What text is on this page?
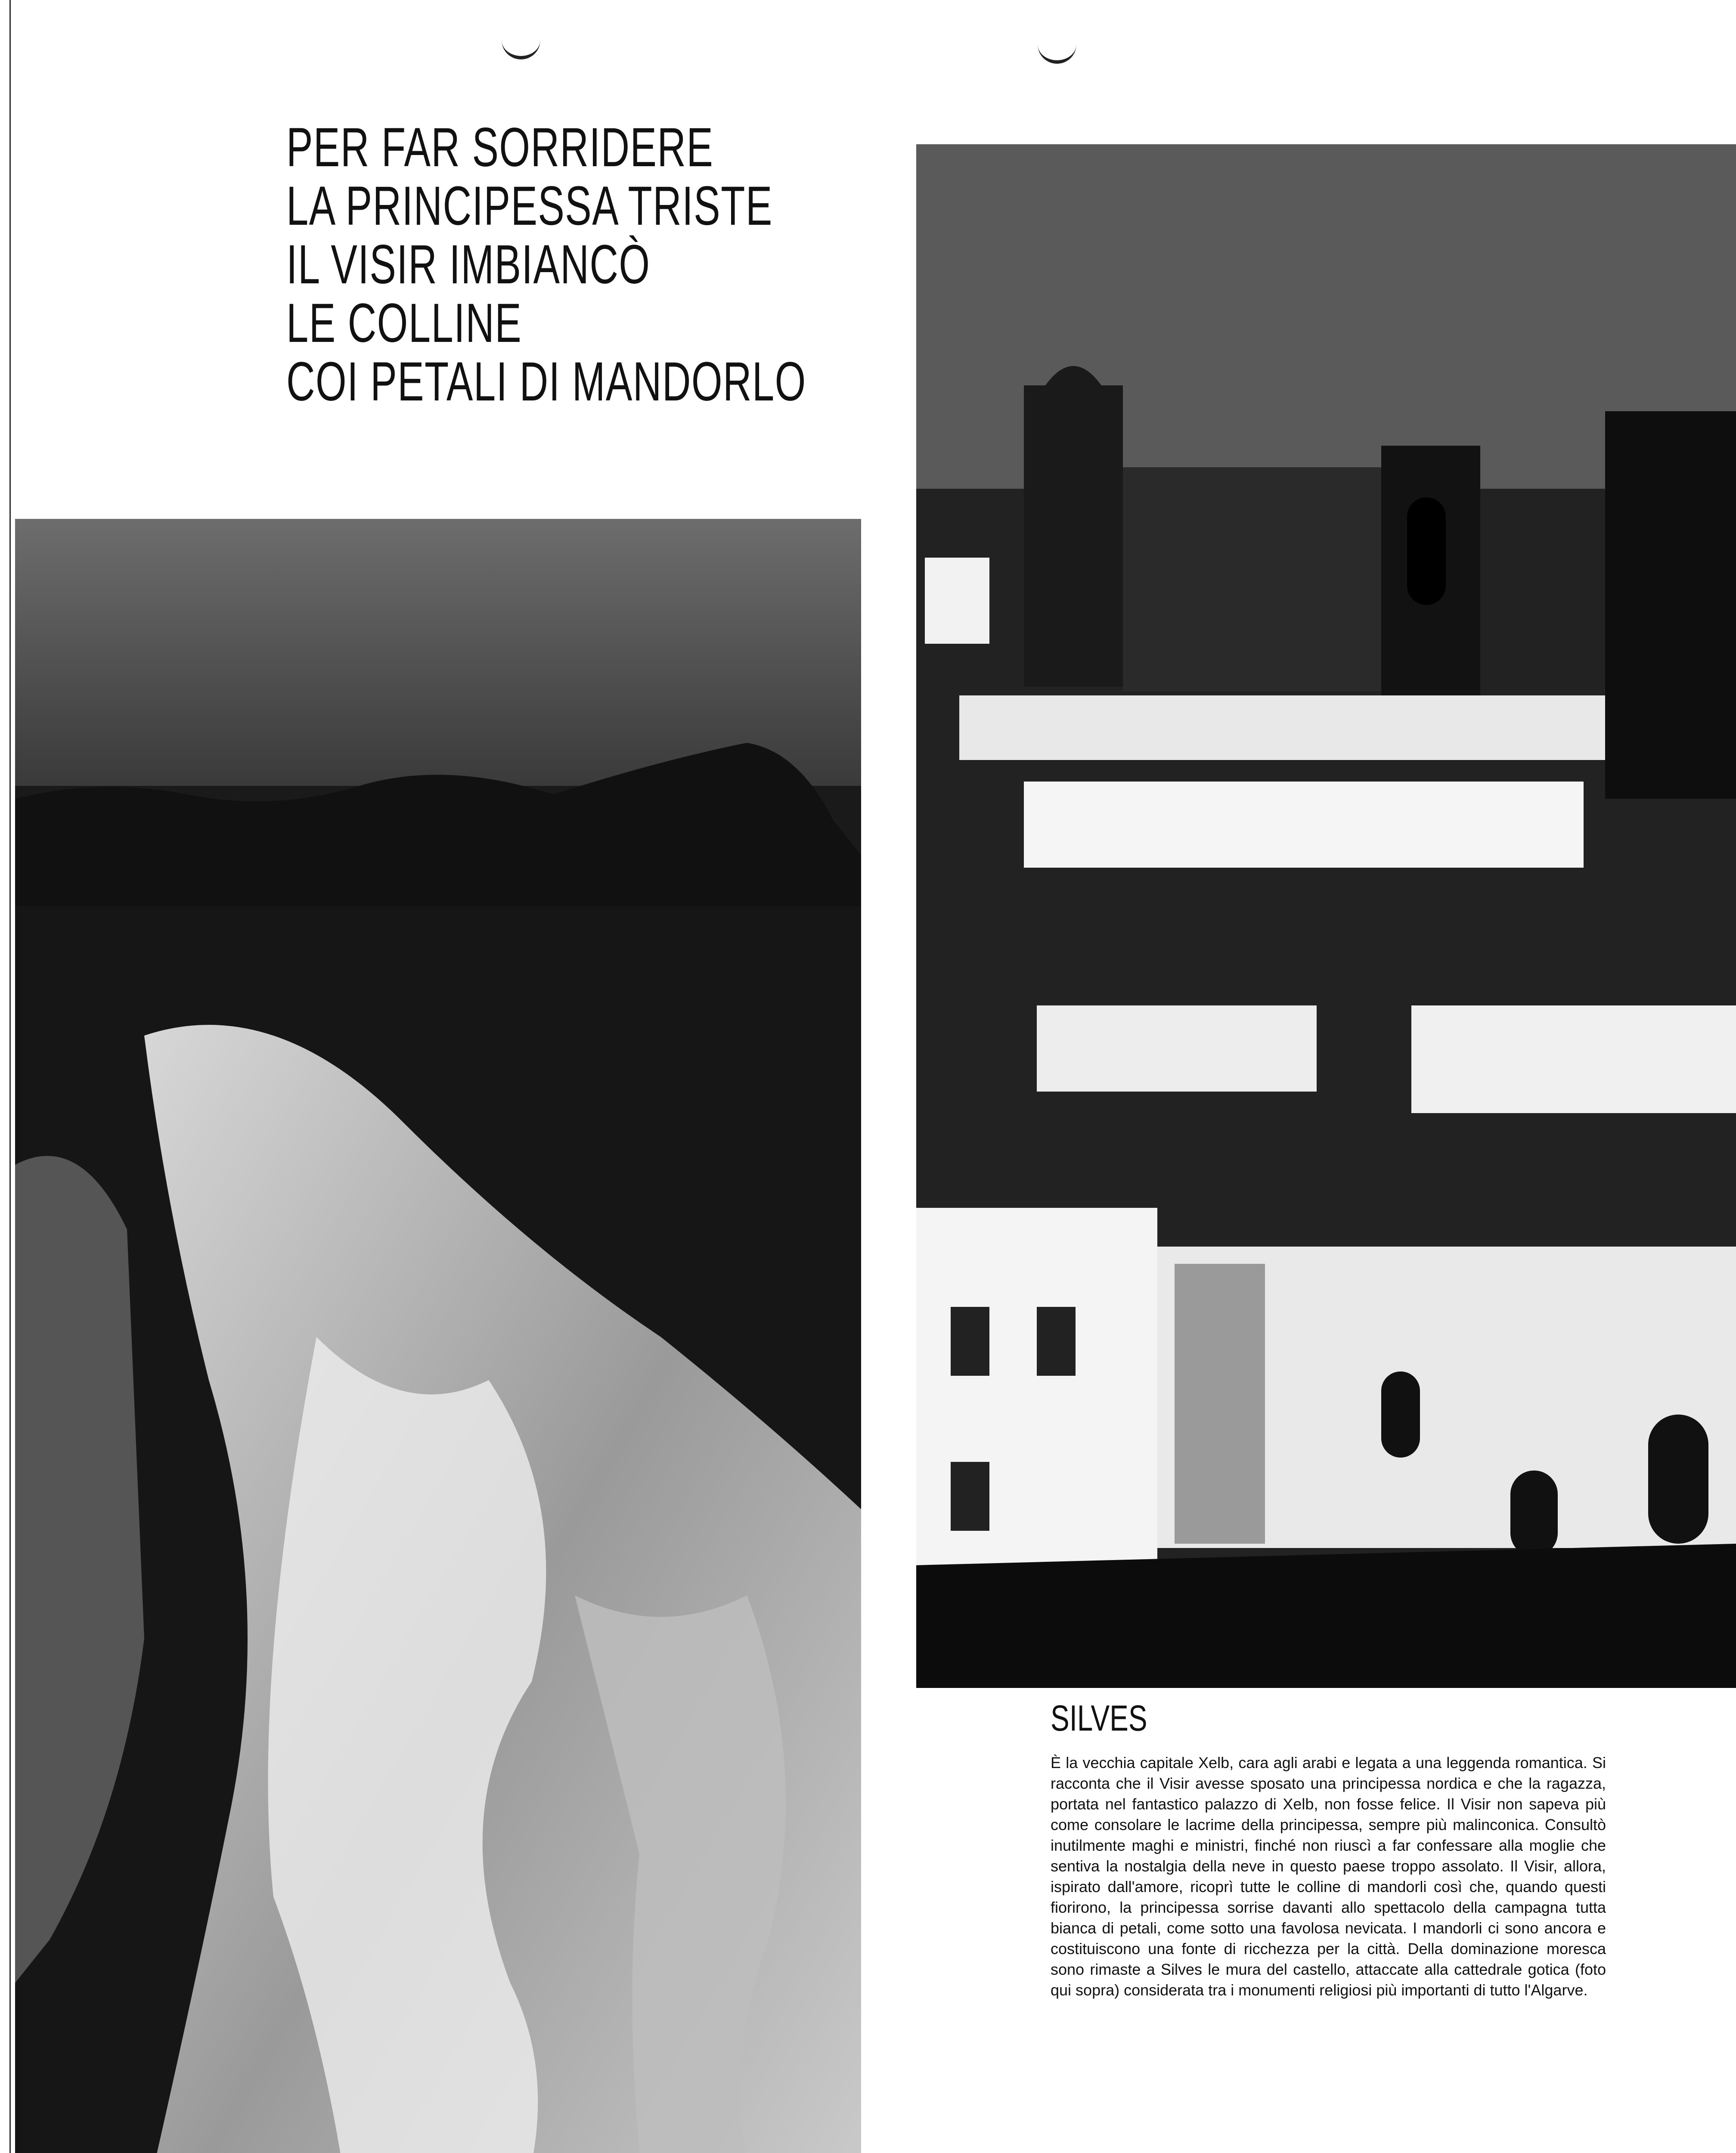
PER FAR SORRIDERE
LA PRINCIPESSA TRISTE
IL VISIR IMBIANCÒ
LE COLLINE
COI PETALI DI MANDORLO
SILVES

È la vecchia capitale Xelb, cara agli arabi e legata a una leggenda romantica. Si racconta che il Visir avesse sposato una principessa nordica e che la ragazza, portata nel fantastico palazzo di Xelb, non fosse felice. Il Visir non sapeva più come consolare le lacrime della principessa, sempre più malinconica. Consultò inutilmente maghi e ministri, finché non riuscì a far confessare alla moglie che sentiva la nostalgia della neve in questo paese troppo assolato. Il Visir, allora, ispirato dall'amore, ricoprì tutte le colline di mandorli così che, quando questi fiorirono, la principessa sorrise davanti allo spettacolo della campagna tutta bianca di petali, come sotto una favolosa nevicata. I mandorli ci sono ancora e costituiscono una fonte di ricchezza per la città. Della dominazione moresca sono rimaste a Silves le mura del castello, attaccate alla cattedrale gotica (foto qui sopra) considerata tra i monumenti religiosi più importanti di tutto l'Algarve.
